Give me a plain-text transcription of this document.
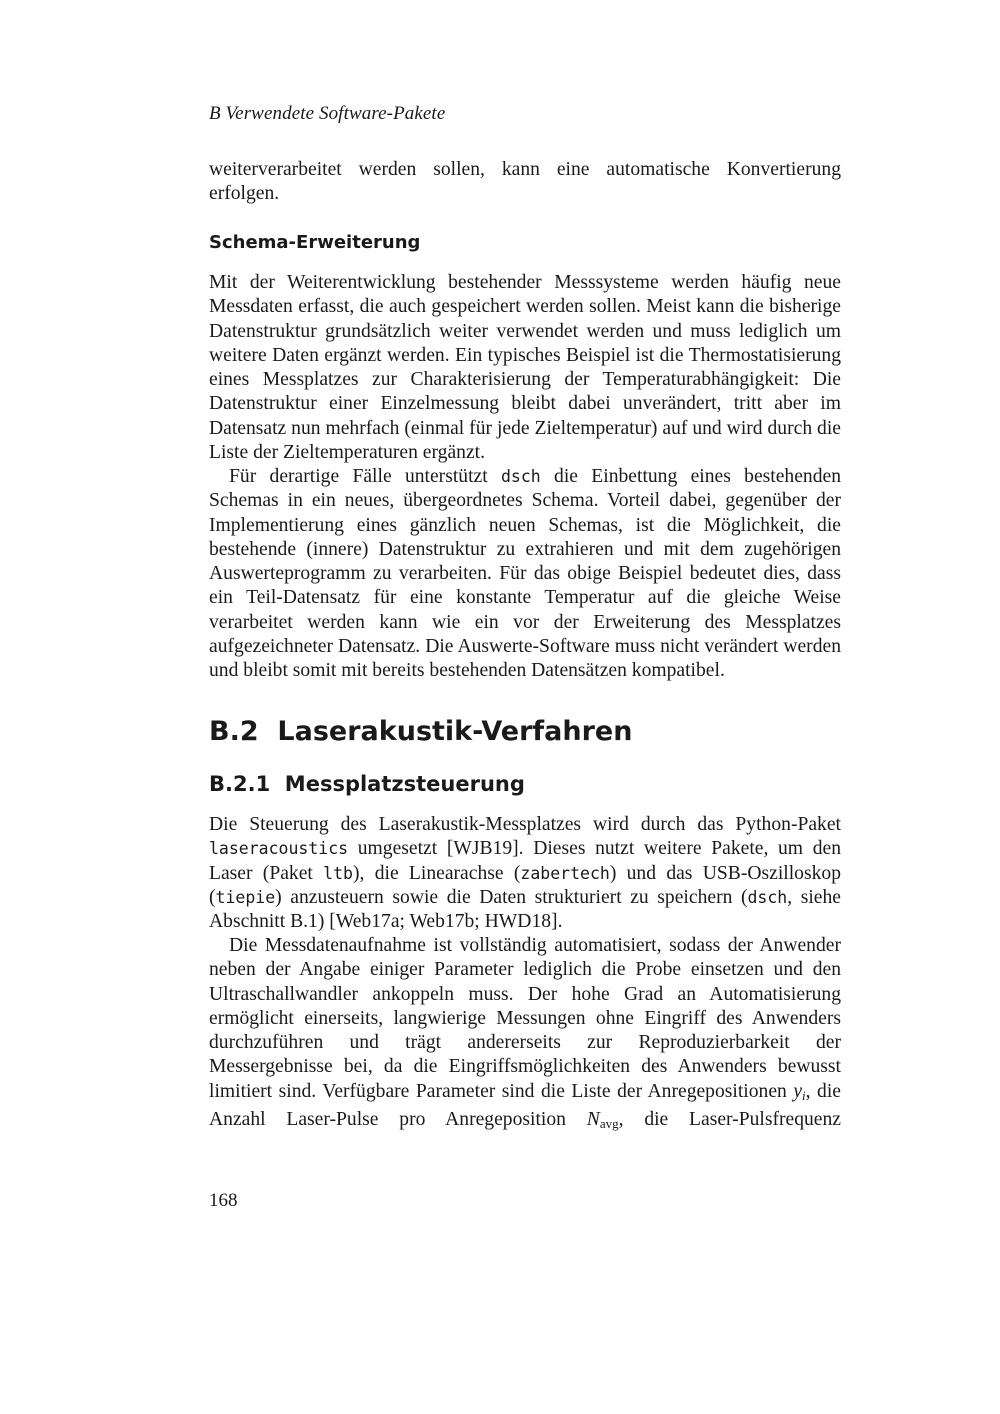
B Verwendete Software-Pakete

weiterverarbeitet werden sollen, kann eine automatische Konvertierung erfolgen.

Schema-Erweiterung

Mit der Weiterentwicklung bestehender Messsysteme werden häufig neue Messdaten erfasst, die auch gespeichert werden sollen. Meist kann die bisherige Datenstruktur grundsätzlich weiter verwendet werden und muss lediglich um weitere Daten ergänzt werden. Ein typisches Beispiel ist die Thermostatisierung eines Messplatzes zur Charakterisierung der Temperaturabhängigkeit: Die Datenstruktur einer Einzelmessung bleibt dabei unverändert, tritt aber im Datensatz nun mehrfach (einmal für jede Zieltemperatur) auf und wird durch die Liste der Zieltemperaturen ergänzt.

Für derartige Fälle unterstützt dsch die Einbettung eines bestehenden Schemas in ein neues, übergeordnetes Schema. Vorteil dabei, gegenüber der Implementierung eines gänzlich neuen Schemas, ist die Möglichkeit, die bestehende (innere) Datenstruktur zu extrahieren und mit dem zugehörigen Auswerteprogramm zu verarbeiten. Für das obige Beispiel bedeutet dies, dass ein Teil-Datensatz für eine konstante Temperatur auf die gleiche Weise verarbeitet werden kann wie ein vor der Erweiterung des Messplatzes aufgezeichneter Datensatz. Die Auswerte-Software muss nicht verändert werden und bleibt somit mit bereits bestehenden Datensätzen kompatibel.

B.2  Laserakustik-Verfahren
B.2.1  Messplatzsteuerung

Die Steuerung des Laserakustik-Messplatzes wird durch das Python-Paket laseracoustics umgesetzt [WJB19]. Dieses nutzt weitere Pakete, um den Laser (Paket ltb), die Linearachse (zabertech) und das USB-Oszilloskop (tiepie) anzusteuern sowie die Daten strukturiert zu speichern (dsch, siehe Abschnitt B.1) [Web17a; Web17b; HWD18].

Die Messdatenaufnahme ist vollständig automatisiert, sodass der Anwender neben der Angabe einiger Parameter lediglich die Probe einsetzen und den Ultraschallwandler ankoppeln muss. Der hohe Grad an Automatisierung ermöglicht einerseits, langwierige Messungen ohne Eingriff des Anwenders durchzuführen und trägt andererseits zur Reproduzierbarkeit der Messergebnisse bei, da die Eingriffsmöglichkeiten des Anwenders bewusst limitiert sind. Verfügbare Parameter sind die Liste der Anregepositionen $y_i$, die Anzahl Laser-Pulse pro Anregeposition $N_{avg}$, die Laser-Pulsfrequenz

168
